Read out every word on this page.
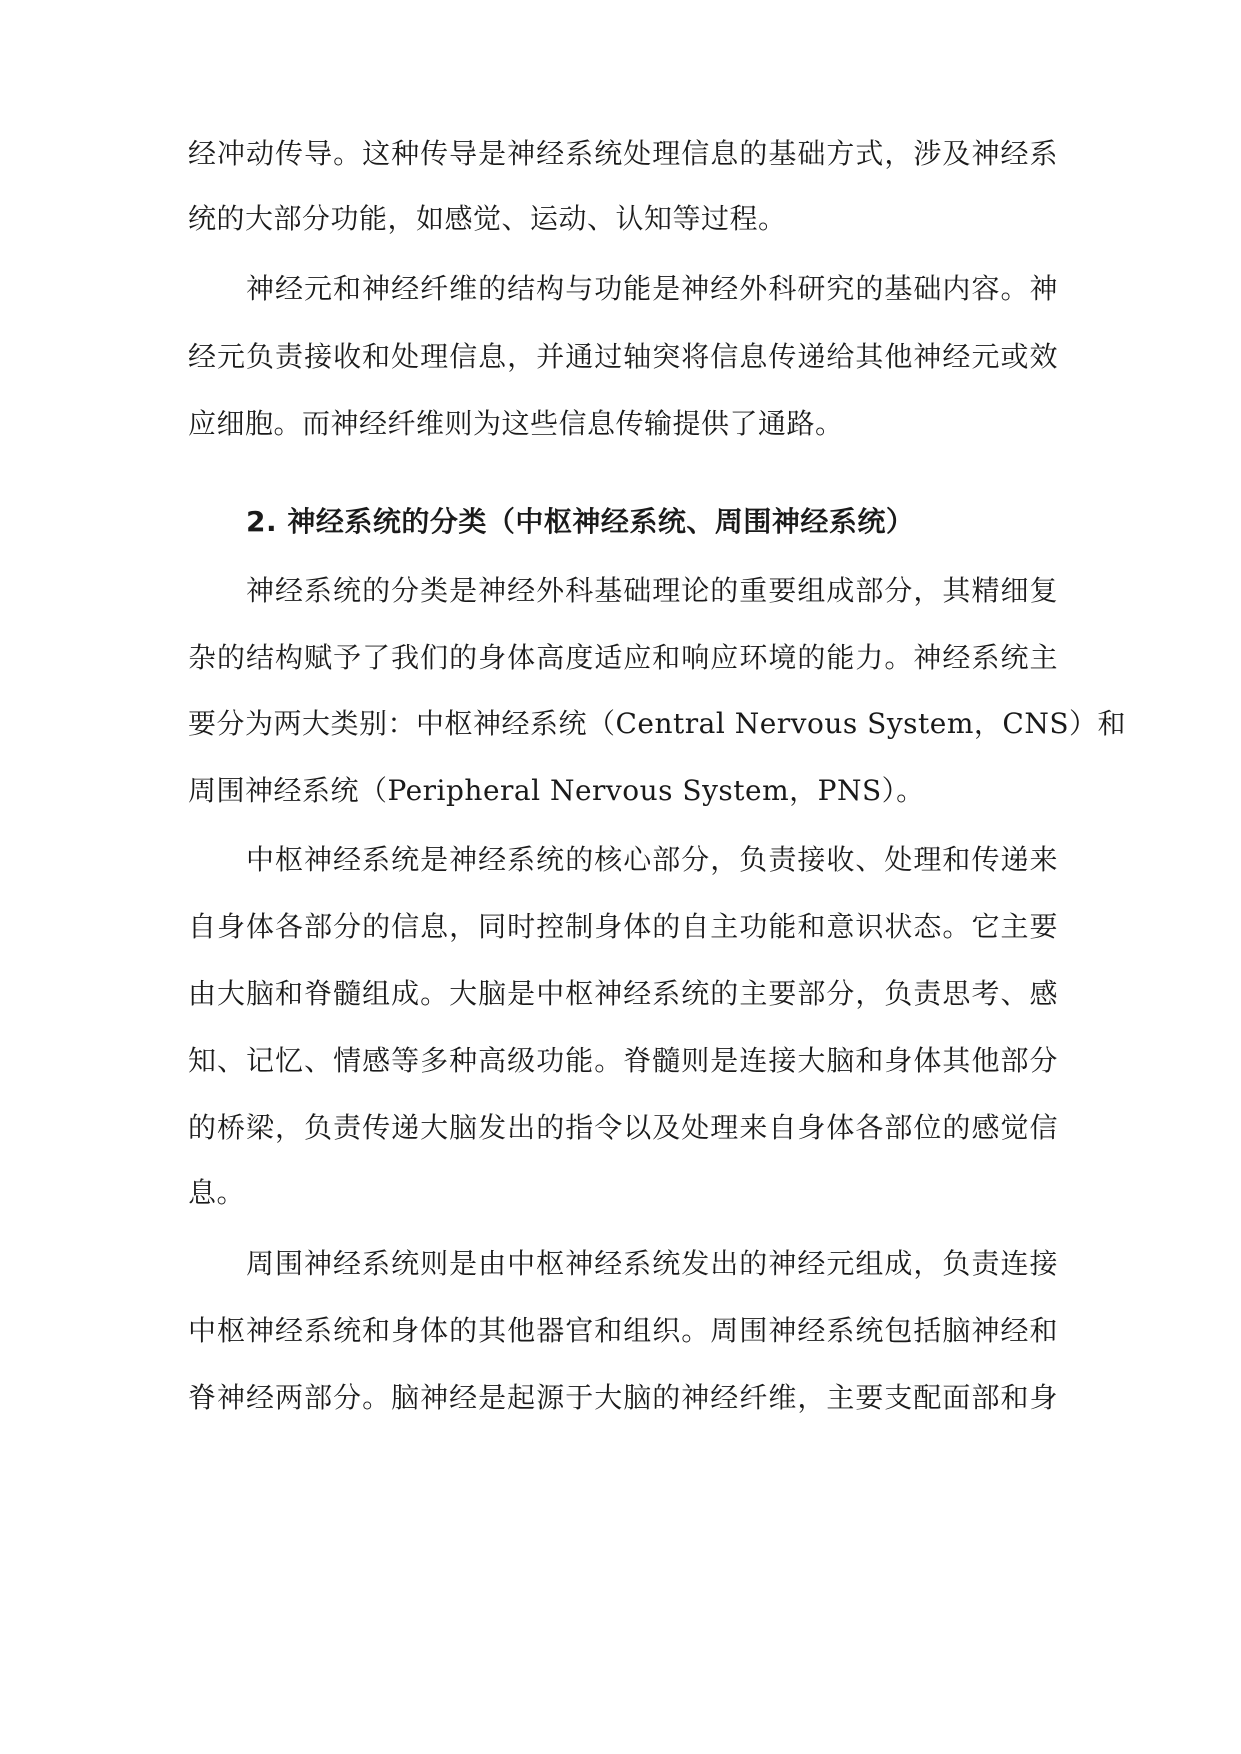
经冲动传导。这种传导是神经系统处理信息的基础方式，涉及神经系
统的大部分功能，如感觉、运动、认知等过程。
神经元和神经纤维的结构与功能是神经外科研究的基础内容。神
经元负责接收和处理信息，并通过轴突将信息传递给其他神经元或效
应细胞。而神经纤维则为这些信息传输提供了通路。
2. 神经系统的分类（中枢神经系统、周围神经系统）
神经系统的分类是神经外科基础理论的重要组成部分，其精细复
杂的结构赋予了我们的身体高度适应和响应环境的能力。神经系统主
要分为两大类别：中枢神经系统（Central Nervous System，CNS）和
周围神经系统（Peripheral Nervous System，PNS）。
中枢神经系统是神经系统的核心部分，负责接收、处理和传递来
自身体各部分的信息，同时控制身体的自主功能和意识状态。它主要
由大脑和脊髓组成。大脑是中枢神经系统的主要部分，负责思考、感
知、记忆、情感等多种高级功能。脊髓则是连接大脑和身体其他部分
的桥梁，负责传递大脑发出的指令以及处理来自身体各部位的感觉信
息。
周围神经系统则是由中枢神经系统发出的神经元组成，负责连接
中枢神经系统和身体的其他器官和组织。周围神经系统包括脑神经和
脊神经两部分。脑神经是起源于大脑的神经纤维，主要支配面部和身
